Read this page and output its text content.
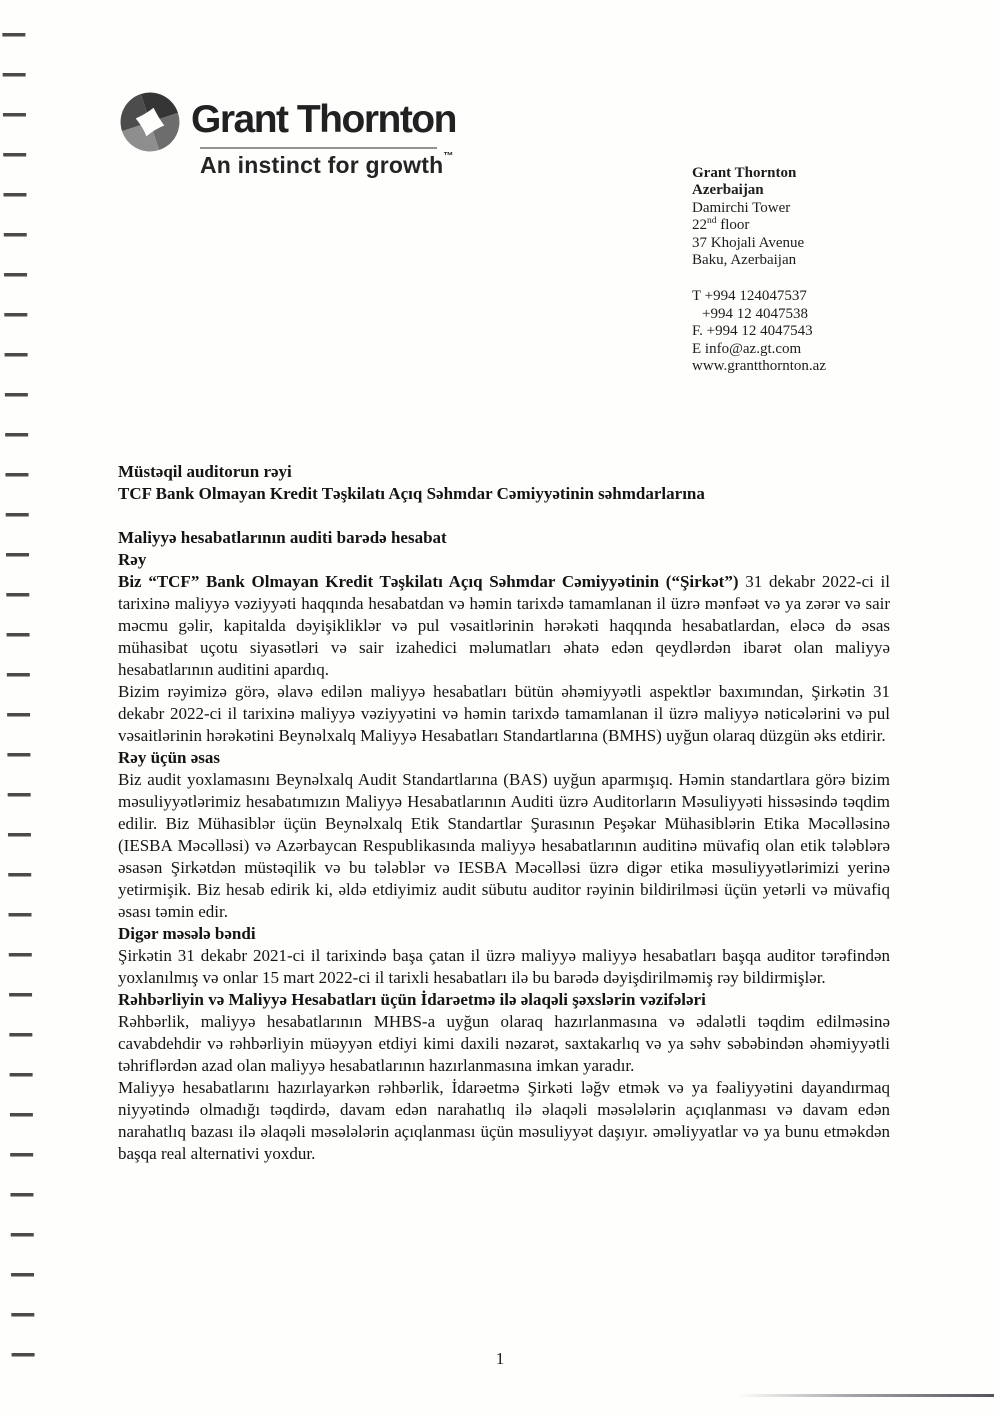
Grant Thornton
An instinct for growth™
Grant Thornton
Azerbaijan
Damirchi Tower
22nd floor
37 Khojali Avenue
Baku, Azerbaijan
T +994 124047537
+994 12 4047538
F. +994 12 4047543
E info@az.gt.com
www.grantthornton.az
Müstəqil auditorun rəyi
TCF Bank Olmayan Kredit Təşkilatı Açıq Səhmdar Cəmiyyətinin səhmdarlarına

Maliyyə hesabatlarının auditi barədə hesabat

Rəy

Biz “TCF” Bank Olmayan Kredit Təşkilatı Açıq Səhmdar Cəmiyyətinin (“Şirkət”) 31 dekabr 2022-ci il tarixinə maliyyə vəziyyəti haqqında hesabatdan və həmin tarixdə tamamlanan il üzrə mənfəət və ya zərər və sair məcmu gəlir, kapitalda dəyişikliklər və pul vəsaitlərinin hərəkəti haqqında hesabatlardan, eləcə də əsas mühasibat uçotu siyasətləri və sair izahedici məlumatları əhatə edən qeydlərdən ibarət olan maliyyə hesabatlarının auditini apardıq.

Bizim rəyimizə görə, əlavə edilən maliyyə hesabatları bütün əhəmiyyətli aspektlər baxımından, Şirkətin 31 dekabr 2022-ci il tarixinə maliyyə vəziyyətini və həmin tarixdə tamamlanan il üzrə maliyyə nəticələrini və pul vəsaitlərinin hərəkətini Beynəlxalq Maliyyə Hesabatları Standartlarına (BMHS) uyğun olaraq düzgün əks etdirir.

Rəy üçün əsas

Biz audit yoxlamasını Beynəlxalq Audit Standartlarına (BAS) uyğun aparmışıq. Həmin standartlara görə bizim məsuliyyətlərimiz hesabatımızın Maliyyə Hesabatlarının Auditi üzrə Auditorların Məsuliyyəti hissəsində təqdim edilir. Biz Mühasiblər üçün Beynəlxalq Etik Standartlar Şurasının Peşəkar Mühasiblərin Etika Məcəlləsinə (IESBA Məcəlləsi) və Azərbaycan Respublikasında maliyyə hesabatlarının auditinə müvafiq olan etik tələblərə əsasən Şirkətdən müstəqilik və bu tələblər və IESBA Məcəlləsi üzrə digər etika məsuliyyətlərimizi yerinə yetirmişik. Biz hesab edirik ki, əldə etdiyimiz audit sübutu auditor rəyinin bildirilməsi üçün yetərli və müvafiq əsası təmin edir.

Digər məsələ bəndi

Şirkətin 31 dekabr 2021-ci il tarixində başa çatan il üzrə maliyyə maliyyə hesabatları başqa auditor tərəfindən yoxlanılmış və onlar 15 mart 2022-ci il tarixli hesabatları ilə bu barədə dəyişdirilməmiş rəy bildirmişlər.

Rəhbərliyin və Maliyyə Hesabatları üçün İdarəetmə ilə əlaqəli şəxslərin vəzifələri

Rəhbərlik, maliyyə hesabatlarının MHBS-a uyğun olaraq hazırlanmasına və ədalətli təqdim edilməsinə cavabdehdir və rəhbərliyin müəyyən etdiyi kimi daxili nəzarət, saxtakarlıq və ya səhv səbəbindən əhəmiyyətli təhriflərdən azad olan maliyyə hesabatlarının hazırlanmasına imkan yaradır.

Maliyyə hesabatlarını hazırlayarkən rəhbərlik, İdarəetmə Şirkəti ləğv etmək və ya fəaliyyətini dayandırmaq niyyətində olmadığı təqdirdə, davam edən narahatlıq ilə əlaqəli məsələlərin açıqlanması və davam edən narahatlıq bazası ilə əlaqəli məsələlərin açıqlanması üçün məsuliyyət daşıyır. əməliyyatlar və ya bunu etməkdən başqa real alternativi yoxdur.

1
